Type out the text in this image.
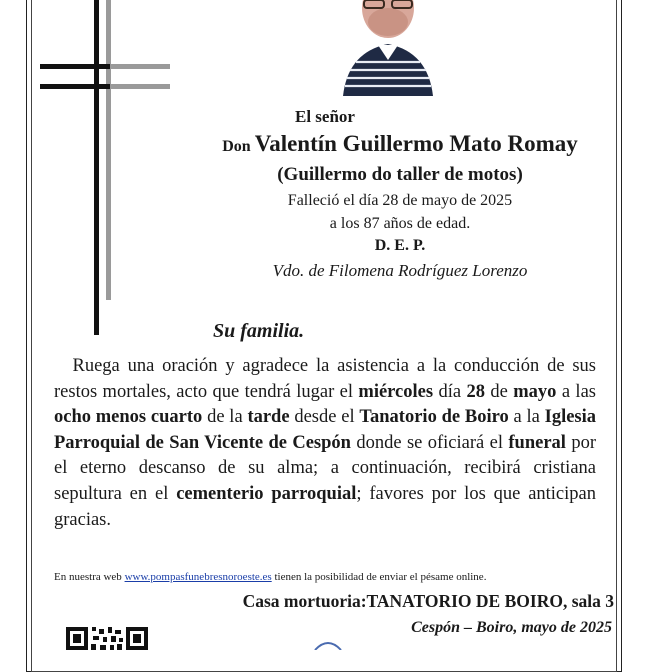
El señor
Don Valentín Guillermo Mato Romay
(Guillermo do taller de motos)
Falleció el día 28 de mayo de 2025
a los 87 años de edad.
D. E. P.
Vdo. de Filomena Rodríguez Lorenzo
Su familia.
 Ruega una oración y agradece la asistencia a la conducción de sus restos mortales, acto que tendrá lugar el miércoles día 28 de mayo a las ocho menos cuarto de la tarde desde el Tanatorio de Boiro a la Iglesia Parroquial de San Vicente de Cespón donde se oficiará el funeral por el eterno descanso de su alma; a continuación, recibirá cristiana sepultura en el cementerio parroquial; favores por los que anticipan gracias.
En nuestra web www.pompasfunebresnoroeste.es tienen la posibilidad de enviar el pésame online.
Casa mortuoria:TANATORIO DE BOIRO, sala 3
Cespón – Boiro, mayo de 2025
